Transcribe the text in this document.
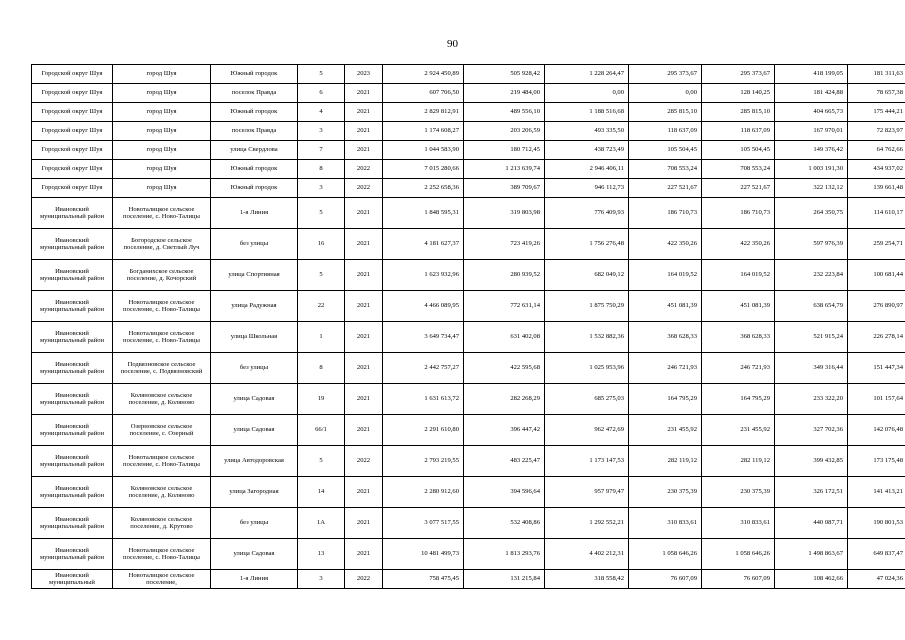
90
Городской округ Шуя	город Шуя	Южный городок	5	2023	2 924 450,89	505 928,42	1 228 264,47	295 373,67	295 373,67	418 199,05	181 311,63
Городской округ Шуя	город Шуя	поселок Правда	6	2021	607 706,50	219 484,00	0,00	0,00	128 140,25	181 424,88	78 657,38
Городской округ Шуя	город Шуя	Южный городок	4	2021	2 829 812,91	489 556,10	1 188 516,68	285 815,10	285 815,10	404 665,73	175 444,21
Городской округ Шуя	город Шуя	поселок Правда	3	2021	1 174 608,27	203 206,59	493 335,50	118 637,09	118 637,09	167 970,01	72 823,97
Городской округ Шуя	город Шуя	улица Свердлова	7	2021	1 044 583,90	180 712,45	438 723,49	105 504,45	105 504,45	149 376,42	64 762,66
Городской округ Шуя	город Шуя	Южный городок	8	2022	7 015 280,66	1 213 639,74	2 946 406,11	708 553,24	708 553,24	1 003 191,30	434 937,02
Городской округ Шуя	город Шуя	Южный городок	3	2022	2 252 658,36	389 709,67	946 112,73	227 521,67	227 521,67	322 132,12	139 661,48
Ивановский муниципальный район	Новоталицкое сельское поселение, с. Ново-Талицы	1-я Линия	5	2021	1 848 595,31	319 803,98	776 409,93	186 710,73	186 710,73	264 350,75	114 610,17
Ивановский муниципальный район	Богородское сельское поселение, д. Светлый Луч	без улицы	16	2021	4 181 627,37	723 419,26	1 756 276,48	422 350,26	422 350,26	597 976,39	259 254,71
Ивановский муниципальный район	Богданихское сельское поселение, д. Кочорский	улица Спортивная	5	2021	1 623 932,96	280 939,52	682 049,12	164 019,52	164 019,52	232 223,84	100 681,44
Ивановский муниципальный район	Новоталицкое сельское поселение, с. Ново-Талицы	улица Радужная	22	2021	4 466 089,95	772 631,14	1 875 750,29	451 081,39	451 081,39	638 654,79	276 890,97
Ивановский муниципальный район	Новоталицкое сельское поселение, с. Ново-Талицы	улица Школьная	1	2021	3 649 734,47	631 402,08	1 532 882,36	368 628,33	368 628,33	521 915,24	226 278,14
Ивановский муниципальный район	Подвязновское сельское поселение, с. Подвязновский	без улицы	8	2021	2 442 757,27	422 595,68	1 025 953,96	246 721,93	246 721,93	349 316,44	151 447,34
Ивановский муниципальный район	Коляновское сельское поселение, д. Коляново	улица Садовая	19	2021	1 631 613,72	282 268,29	685 275,03	164 795,29	164 795,29	233 322,20	101 157,64
Ивановский муниципальный район	Озерновское сельское поселение, с. Озерный	улица Садовая	66/1	2021	2 291 610,80	396 447,42	962 472,69	231 455,92	231 455,92	327 702,36	142 076,48
Ивановский муниципальный район	Новоталицкое сельское поселение, с. Ново-Талицы	улица Автодоровская	5	2022	2 793 219,55	483 225,47	1 173 147,53	282 119,12	282 119,12	399 432,85	173 175,48
Ивановский муниципальный район	Коляновское сельское поселение, д. Коляново	улица Загородная	14	2021	2 280 912,60	394 596,64	957 979,47	230 375,39	230 375,39	326 172,51	141 413,21
Ивановский муниципальный район	Коляновское сельское поселение, д. Крутово	без улицы	1А	2021	3 077 517,55	532 408,86	1 292 552,21	310 833,61	310 833,61	440 087,71	190 801,53
Ивановский муниципальный район	Новоталицкое сельское поселение, с. Ново-Талицы	улица Садовая	13	2021	10 481 499,73	1 813 293,76	4 402 212,31	1 058 646,26	1 058 646,26	1 498 863,67	649 837,47
Ивановский муниципальный	Новоталицкое сельское поселение,	1-я Линия	3	2022	758 475,45	131 215,84	318 558,42	76 607,09	76 607,09	108 462,66	47 024,36
